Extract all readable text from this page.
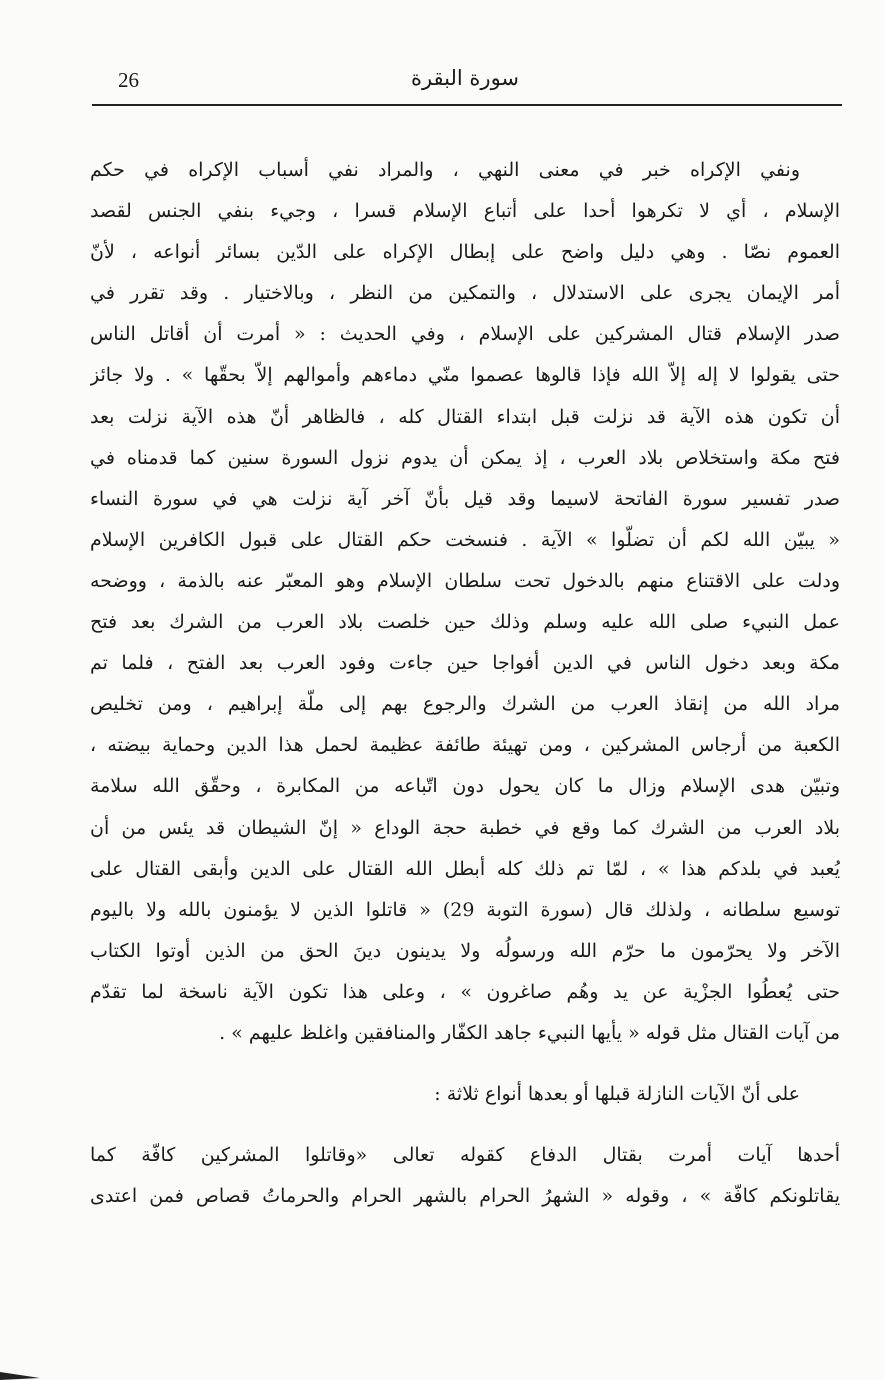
26	سورة البقرة
ونفي الإكراه خبر في معنى النهي ، والمراد نفي أسباب الإكراه في حكم
الإسلام ، أي لا تكرهوا أحدا على أتباع الإسلام قسرا ، وجيء بنفي الجنس لقصد
العموم نصّا . وهي دليل واضح على إبطال الإكراه على الدّين بسائر أنواعه ، لأنّ
أمر الإيمان يجرى على الاستدلال ، والتمكين من النظر ، وبالاختيار . وقد تقرر في
صدر الإسلام قتال المشركين على الإسلام ، وفي الحديث : « أمرت أن أقاتل الناس
حتى يقولوا لا إله إلاّ الله فإذا قالوها عصموا منّي دماءهم وأموالهم إلاّ بحقّها » . ولا جائز
أن تكون هذه الآية قد نزلت قبل ابتداء القتال كله ، فالظاهر أنّ هذه الآية نزلت بعد
فتح مكة واستخلاص بلاد العرب ، إذ يمكن أن يدوم نزول السورة سنين كما قدمناه في
صدر تفسير سورة الفاتحة لاسيما وقد قيل بأنّ آخر آية نزلت هي في سورة النساء
« يبيّن الله لكم أن تضلّوا » الآية . فنسخت حكم القتال على قبول الكافرين الإسلام
ودلت على الاقتناع منهم بالدخول تحت سلطان الإسلام وهو المعبّر عنه بالذمة ، ووضحه
عمل النبيء صلى الله عليه وسلم وذلك حين خلصت بلاد العرب من الشرك بعد فتح
مكة وبعد دخول الناس في الدين أفواجا حين جاءت وفود العرب بعد الفتح ، فلما تم
مراد الله من إنقاذ العرب من الشرك والرجوع بهم إلى ملّة إبراهيم ، ومن تخليص
الكعبة من أرجاس المشركين ، ومن تهيئة طائفة عظيمة لحمل هذا الدين وحماية بيضته ،
وتبيّن هدى الإسلام وزال ما كان يحول دون اتّباعه من المكابرة ، وحقّق الله سلامة
بلاد العرب من الشرك كما وقع في خطبة حجة الوداع « إنّ الشيطان قد يئس من أن
يُعبد في بلدكم هذا » ، لمّا تم ذلك كله أبطل الله القتال على الدين وأبقى القتال على
توسيع سلطانه ، ولذلك قال (سورة التوبة 29) « قاتلوا الذين لا يؤمنون بالله ولا باليوم
الآخر ولا يحرّمون ما حرّم الله ورسولُه ولا يدينون دينَ الحق من الذين أوتوا الكتاب
حتى يُعطُوا الجزْية عن يد وهُم صاغرون » ، وعلى هذا تكون الآية ناسخة لما تقدّم
من آيات القتال مثل قوله « يأيها النبيء جاهد الكفّار والمنافقين واغلظ عليهم » .
على أنّ الآيات النازلة قبلها أو بعدها أنواع ثلاثة :
أحدها آيات أمرت بقتال الدفاع كقوله تعالى «وقاتلوا المشركين كافّة كما
يقاتلونكم كافّة » ، وقوله « الشهرُ الحرام بالشهر الحرام والحرماتُ قصاص فمن اعتدى
